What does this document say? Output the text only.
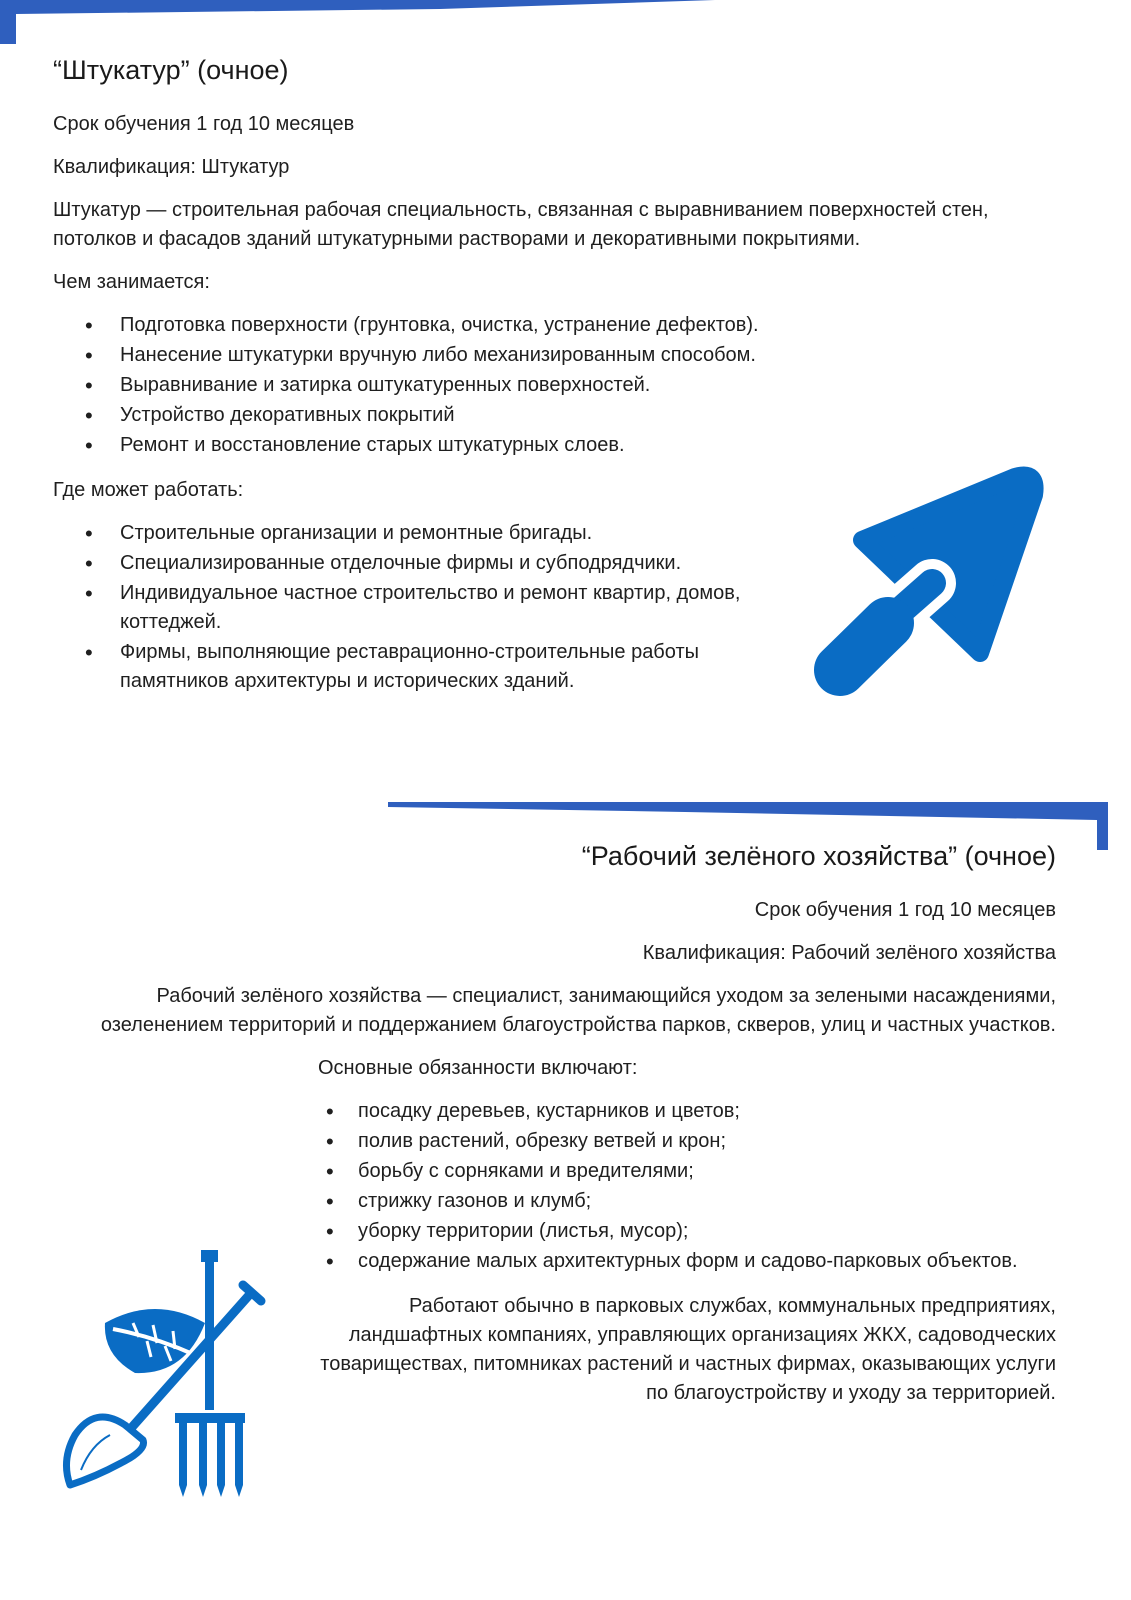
“Штукатур” (очное)

Срок обучения 1 год 10 месяцев

Квалификация: Штукатур

Штукатур — строительная рабочая специальность, связанная с выравниванием поверхностей стен, потолков и фасадов зданий штукатурными растворами и декоративными покрытиями.

Чем занимается:

• Подготовка поверхности (грунтовка, очистка, устранение дефектов).
• Нанесение штукатурки вручную либо механизированным способом.
• Выравнивание и затирка оштукатуренных поверхностей.
• Устройство декоративных покрытий
• Ремонт и восстановление старых штукатурных слоев.

Где может работать:

• Строительные организации и ремонтные бригады.
• Специализированные отделочные фирмы и субподрядчики.
• Индивидуальное частное строительство и ремонт квартир, домов, коттеджей.
• Фирмы, выполняющие реставрационно-строительные работы памятников архитектуры и исторических зданий.
“Рабочий зелёного хозяйства” (очное)

Срок обучения 1 год 10 месяцев

Квалификация: Рабочий зелёного хозяйства

Рабочий зелёного хозяйства — специалист, занимающийся уходом за зелеными насаждениями, озеленением территорий и поддержанием благоустройства парков, скверов, улиц и частных участков.

Основные обязанности включают:

• посадку деревьев, кустарников и цветов;
• полив растений, обрезку ветвей и крон;
• борьбу с сорняками и вредителями;
• стрижку газонов и клумб;
• уборку территории (листья, мусор);
• содержание малых архитектурных форм и садово-парковых объектов.

Работают обычно в парковых службах, коммунальных предприятиях, ландшафтных компаниях, управляющих организациях ЖКХ, садоводческих товариществах, питомниках растений и частных фирмах, оказывающих услуги по благоустройству и уходу за территорией.
